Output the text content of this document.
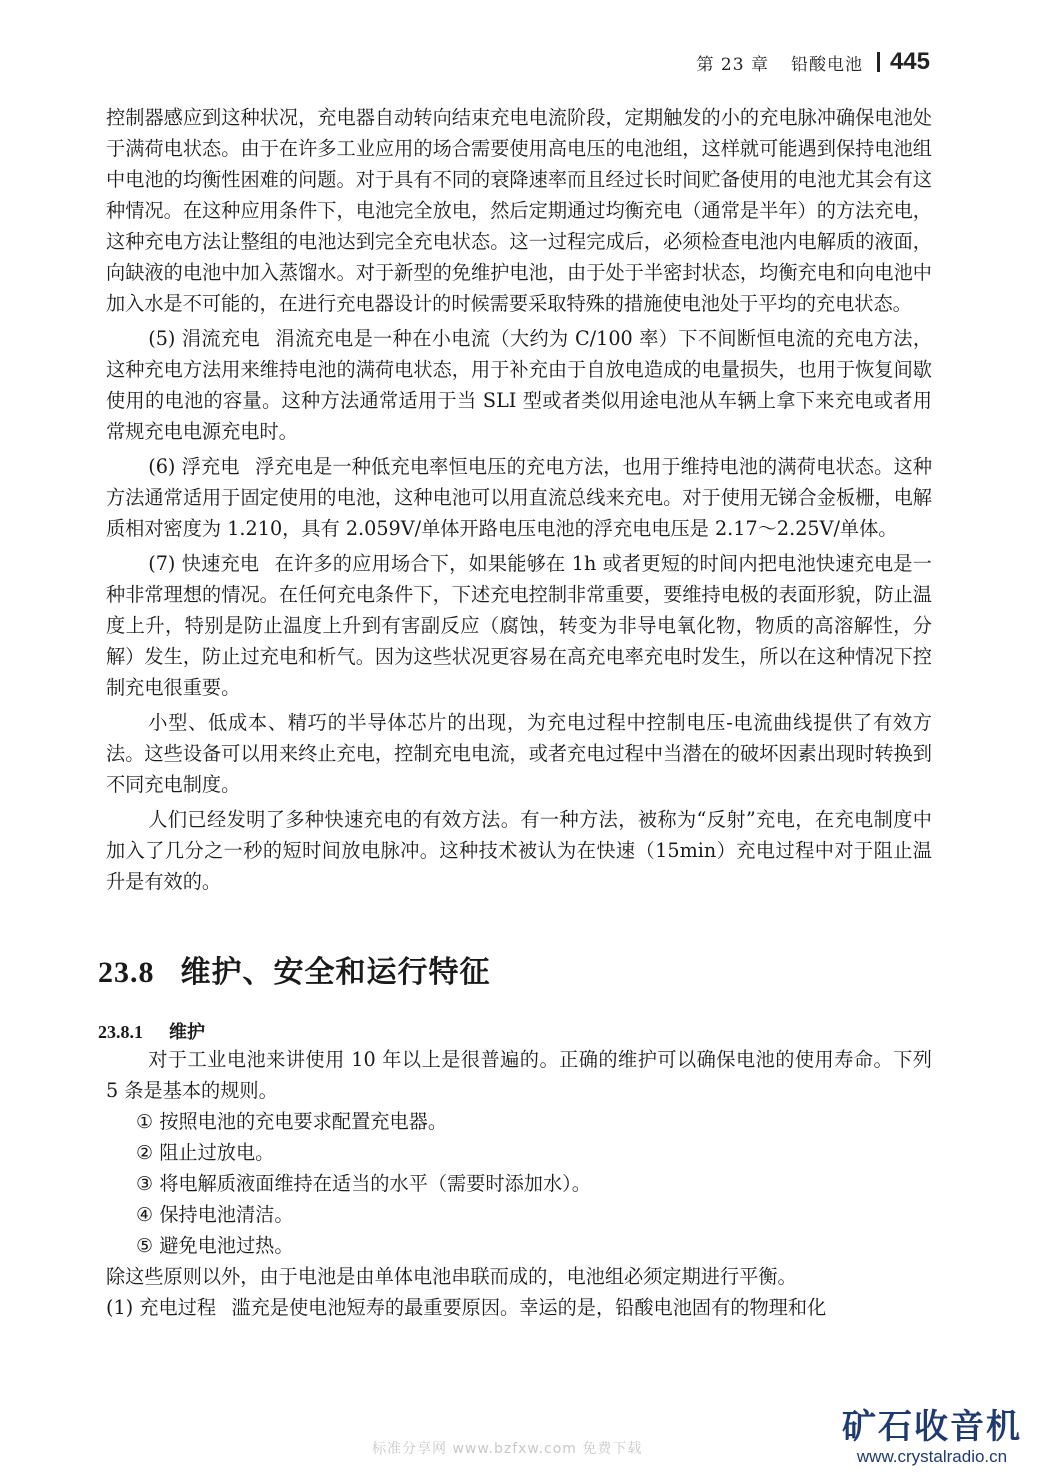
第 23 章 铅酸电池 445

控制器感应到这种状况，充电器自动转向结束充电电流阶段，定期触发的小的充电脉冲确保电池处于满荷电状态。由于在许多工业应用的场合需要使用高电压的电池组，这样就可能遇到保持电池组中电池的均衡性困难的问题。对于具有不同的衰降速率而且经过长时间贮备使用的电池尤其会有这种情况。在这种应用条件下，电池完全放电，然后定期通过均衡充电（通常是半年）的方法充电，这种充电方法让整组的电池达到完全充电状态。这一过程完成后，必须检查电池内电解质的液面，向缺液的电池中加入蒸馏水。对于新型的免维护电池，由于处于半密封状态，均衡充电和向电池中加入水是不可能的，在进行充电器设计的时候需要采取特殊的措施使电池处于平均的充电状态。

(5) 涓流充电 涓流充电是一种在小电流（大约为 C/100 率）下不间断恒电流的充电方法，这种充电方法用来维持电池的满荷电状态，用于补充由于自放电造成的电量损失，也用于恢复间歇使用的电池的容量。这种方法通常适用于当 SLI 型或者类似用途电池从车辆上拿下来充电或者用常规充电电源充电时。

(6) 浮充电 浮充电是一种低充电率恒电压的充电方法，也用于维持电池的满荷电状态。这种方法通常适用于固定使用的电池，这种电池可以用直流总线来充电。对于使用无锑合金板栅，电解质相对密度为 1.210，具有 2.059V/单体开路电压电池的浮充电电压是 2.17～2.25V/单体。

(7) 快速充电 在许多的应用场合下，如果能够在 1h 或者更短的时间内把电池快速充电是一种非常理想的情况。在任何充电条件下，下述充电控制非常重要，要维持电极的表面形貌，防止温度上升，特别是防止温度上升到有害副反应（腐蚀，转变为非导电氧化物，物质的高溶解性，分解）发生，防止过充电和析气。因为这些状况更容易在高充电率充电时发生，所以在这种情况下控制充电很重要。

小型、低成本、精巧的半导体芯片的出现，为充电过程中控制电压-电流曲线提供了有效方法。这些设备可以用来终止充电，控制充电电流，或者充电过程中当潜在的破坏因素出现时转换到不同充电制度。

人们已经发明了多种快速充电的有效方法。有一种方法，被称为“反射”充电，在充电制度中加入了几分之一秒的短时间放电脉冲。这种技术被认为在快速（15min）充电过程中对于阻止温升是有效的。

23.8 维护、安全和运行特征
23.8.1 维护

对于工业电池来讲使用 10 年以上是很普遍的。正确的维护可以确保电池的使用寿命。下列 5 条是基本的规则。

① 按照电池的充电要求配置充电器。

② 阻止过放电。

③ 将电解质液面维持在适当的水平（需要时添加水）。

④ 保持电池清洁。

⑤ 避免电池过热。

除这些原则以外，由于电池是由单体电池串联而成的，电池组必须定期进行平衡。

(1) 充电过程 滥充是使电池短寿的最重要原因。幸运的是，铅酸电池固有的物理和化

标准分享网 www.bzfxw.com 免费下载
矿石收音机
www.crystalradio.cn
